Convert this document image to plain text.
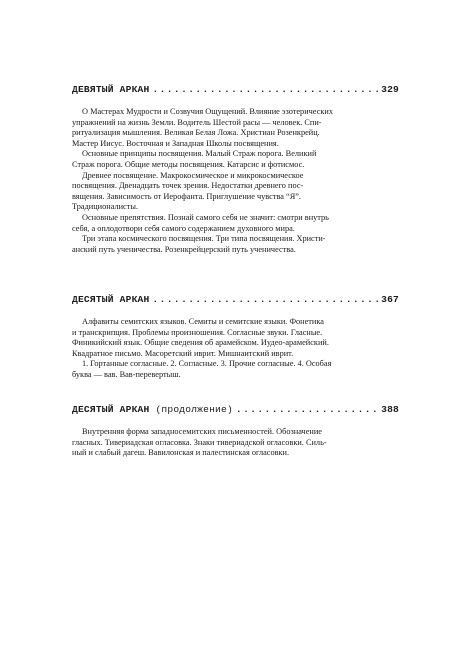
ДЕВЯТЫЙ АРКАН .....	329

О Мастерах Мудрости и Созвучия Ощущений. Влияние эзотерических

упражнений на жизнь Земли. Водитель Шестой расы — человек. Спи-

ритуализация мышления. Великая Белая Ложа. Христиан Розенкрейц.

Мастер Иисус. Восточная и Западная Школы посвящения.

Основные принципы посвящения. Малый Страж порога. Великий

Страж порога. Общие методы посвящения. Катарсис и фотисмос.

Древнее посвящение. Макрокосмическое и микрокосмическое

посвящения. Двенадцать точек зрения. Недостатки древнего пос-

вящения. Зависимость от Иерофанта. Приглушение чувства “Я”.

Традиционалисты.

Основные препятствия. Познай самого себя не значит: смотри внутрь

себя, а оплодотвори себя самого содержанием духовного мира.

Три этапа космического посвящения. Три типа посвящения. Христи-

анский путь ученичества. Розенкрейцерский путь ученичества.

ДЕСЯТЫЙ АРКАН .....	367

Алфавиты семитских языков. Семиты и семитские языки. Фонетика

и транскрипция. Проблемы произношения. Согласные звуки. Гласные.

Финикийский язык. Общие сведения об арамейском. Иудео-арамейский.

Квадратное письмо. Масоретский иврит. Мишнаитский иврит.

1. Гортанные согласные. 2. Согласные. 3. Прочие согласные. 4. Особая

буква — вав. Вав-перевертыш.

ДЕСЯТЫЙ АРКАН (продолжение) .....	388

Внутренняя форма западносемитских письменностей. Обозначение

гласных. Тивериадская огласовка. Знаки тивериадской огласовки. Силь-

ный и слабый дагеш. Вавилонская и палестинская огласовки.
